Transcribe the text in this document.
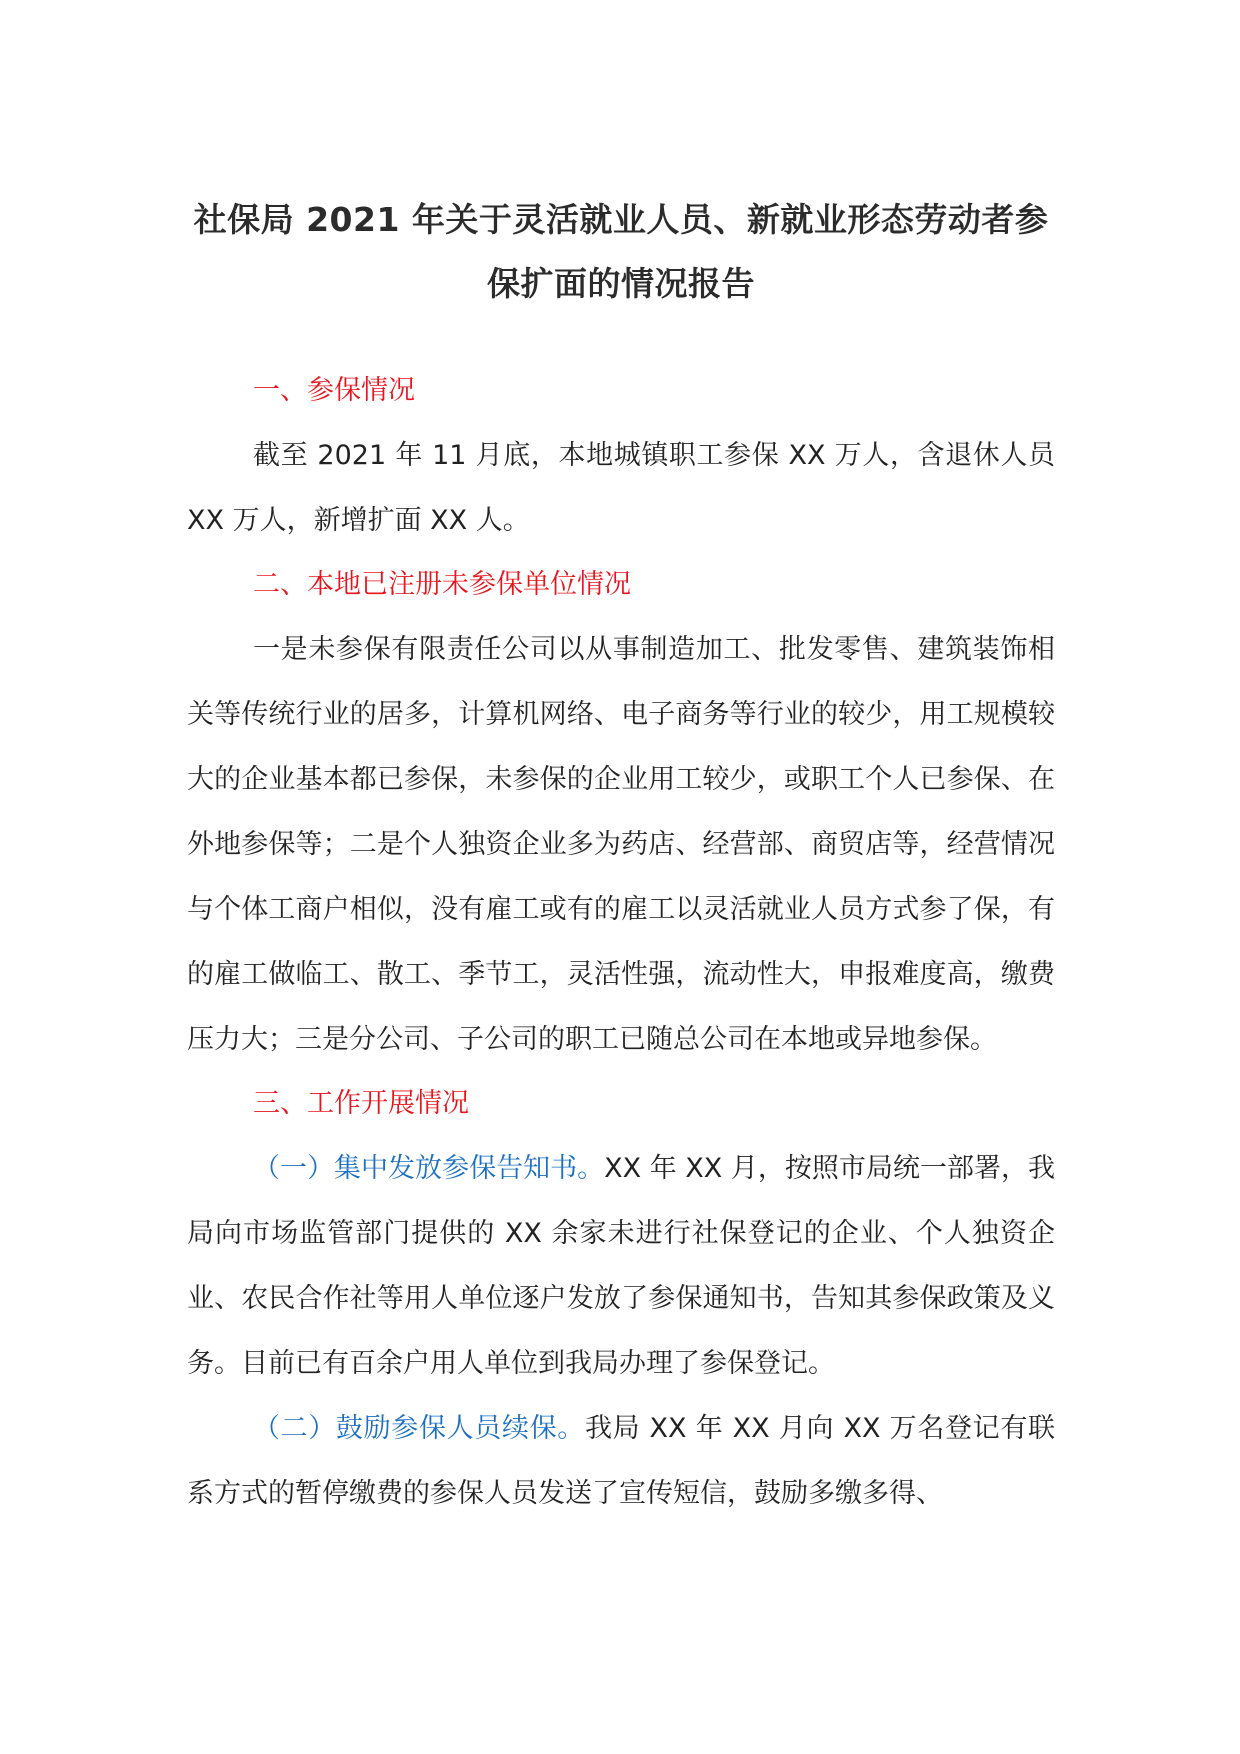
社保局 2021 年关于灵活就业人员、新就业形态劳动者参
保扩面的情况报告

一、参保情况

截至 2021 年 11 月底，本地城镇职工参保 XX 万人，含退休人员 XX 万人，新增扩面 XX 人。

二、本地已注册未参保单位情况

一是未参保有限责任公司以从事制造加工、批发零售、建筑装饰相关等传统行业的居多，计算机网络、电子商务等行业的较少，用工规模较大的企业基本都已参保，未参保的企业用工较少，或职工个人已参保、在外地参保等；二是个人独资企业多为药店、经营部、商贸店等，经营情况与个体工商户相似，没有雇工或有的雇工以灵活就业人员方式参了保，有的雇工做临工、散工、季节工，灵活性强，流动性大，申报难度高，缴费压力大；三是分公司、子公司的职工已随总公司在本地或异地参保。

三、工作开展情况

（一）集中发放参保告知书。XX 年 XX 月，按照市局统一部署，我局向市场监管部门提供的 XX 余家未进行社保登记的企业、个人独资企业、农民合作社等用人单位逐户发放了参保通知书，告知其参保政策及义务。目前已有百余户用人单位到我局办理了参保登记。

（二）鼓励参保人员续保。我局 XX 年 XX 月向 XX 万名登记有联系方式的暂停缴费的参保人员发送了宣传短信，鼓励多缴多得、
